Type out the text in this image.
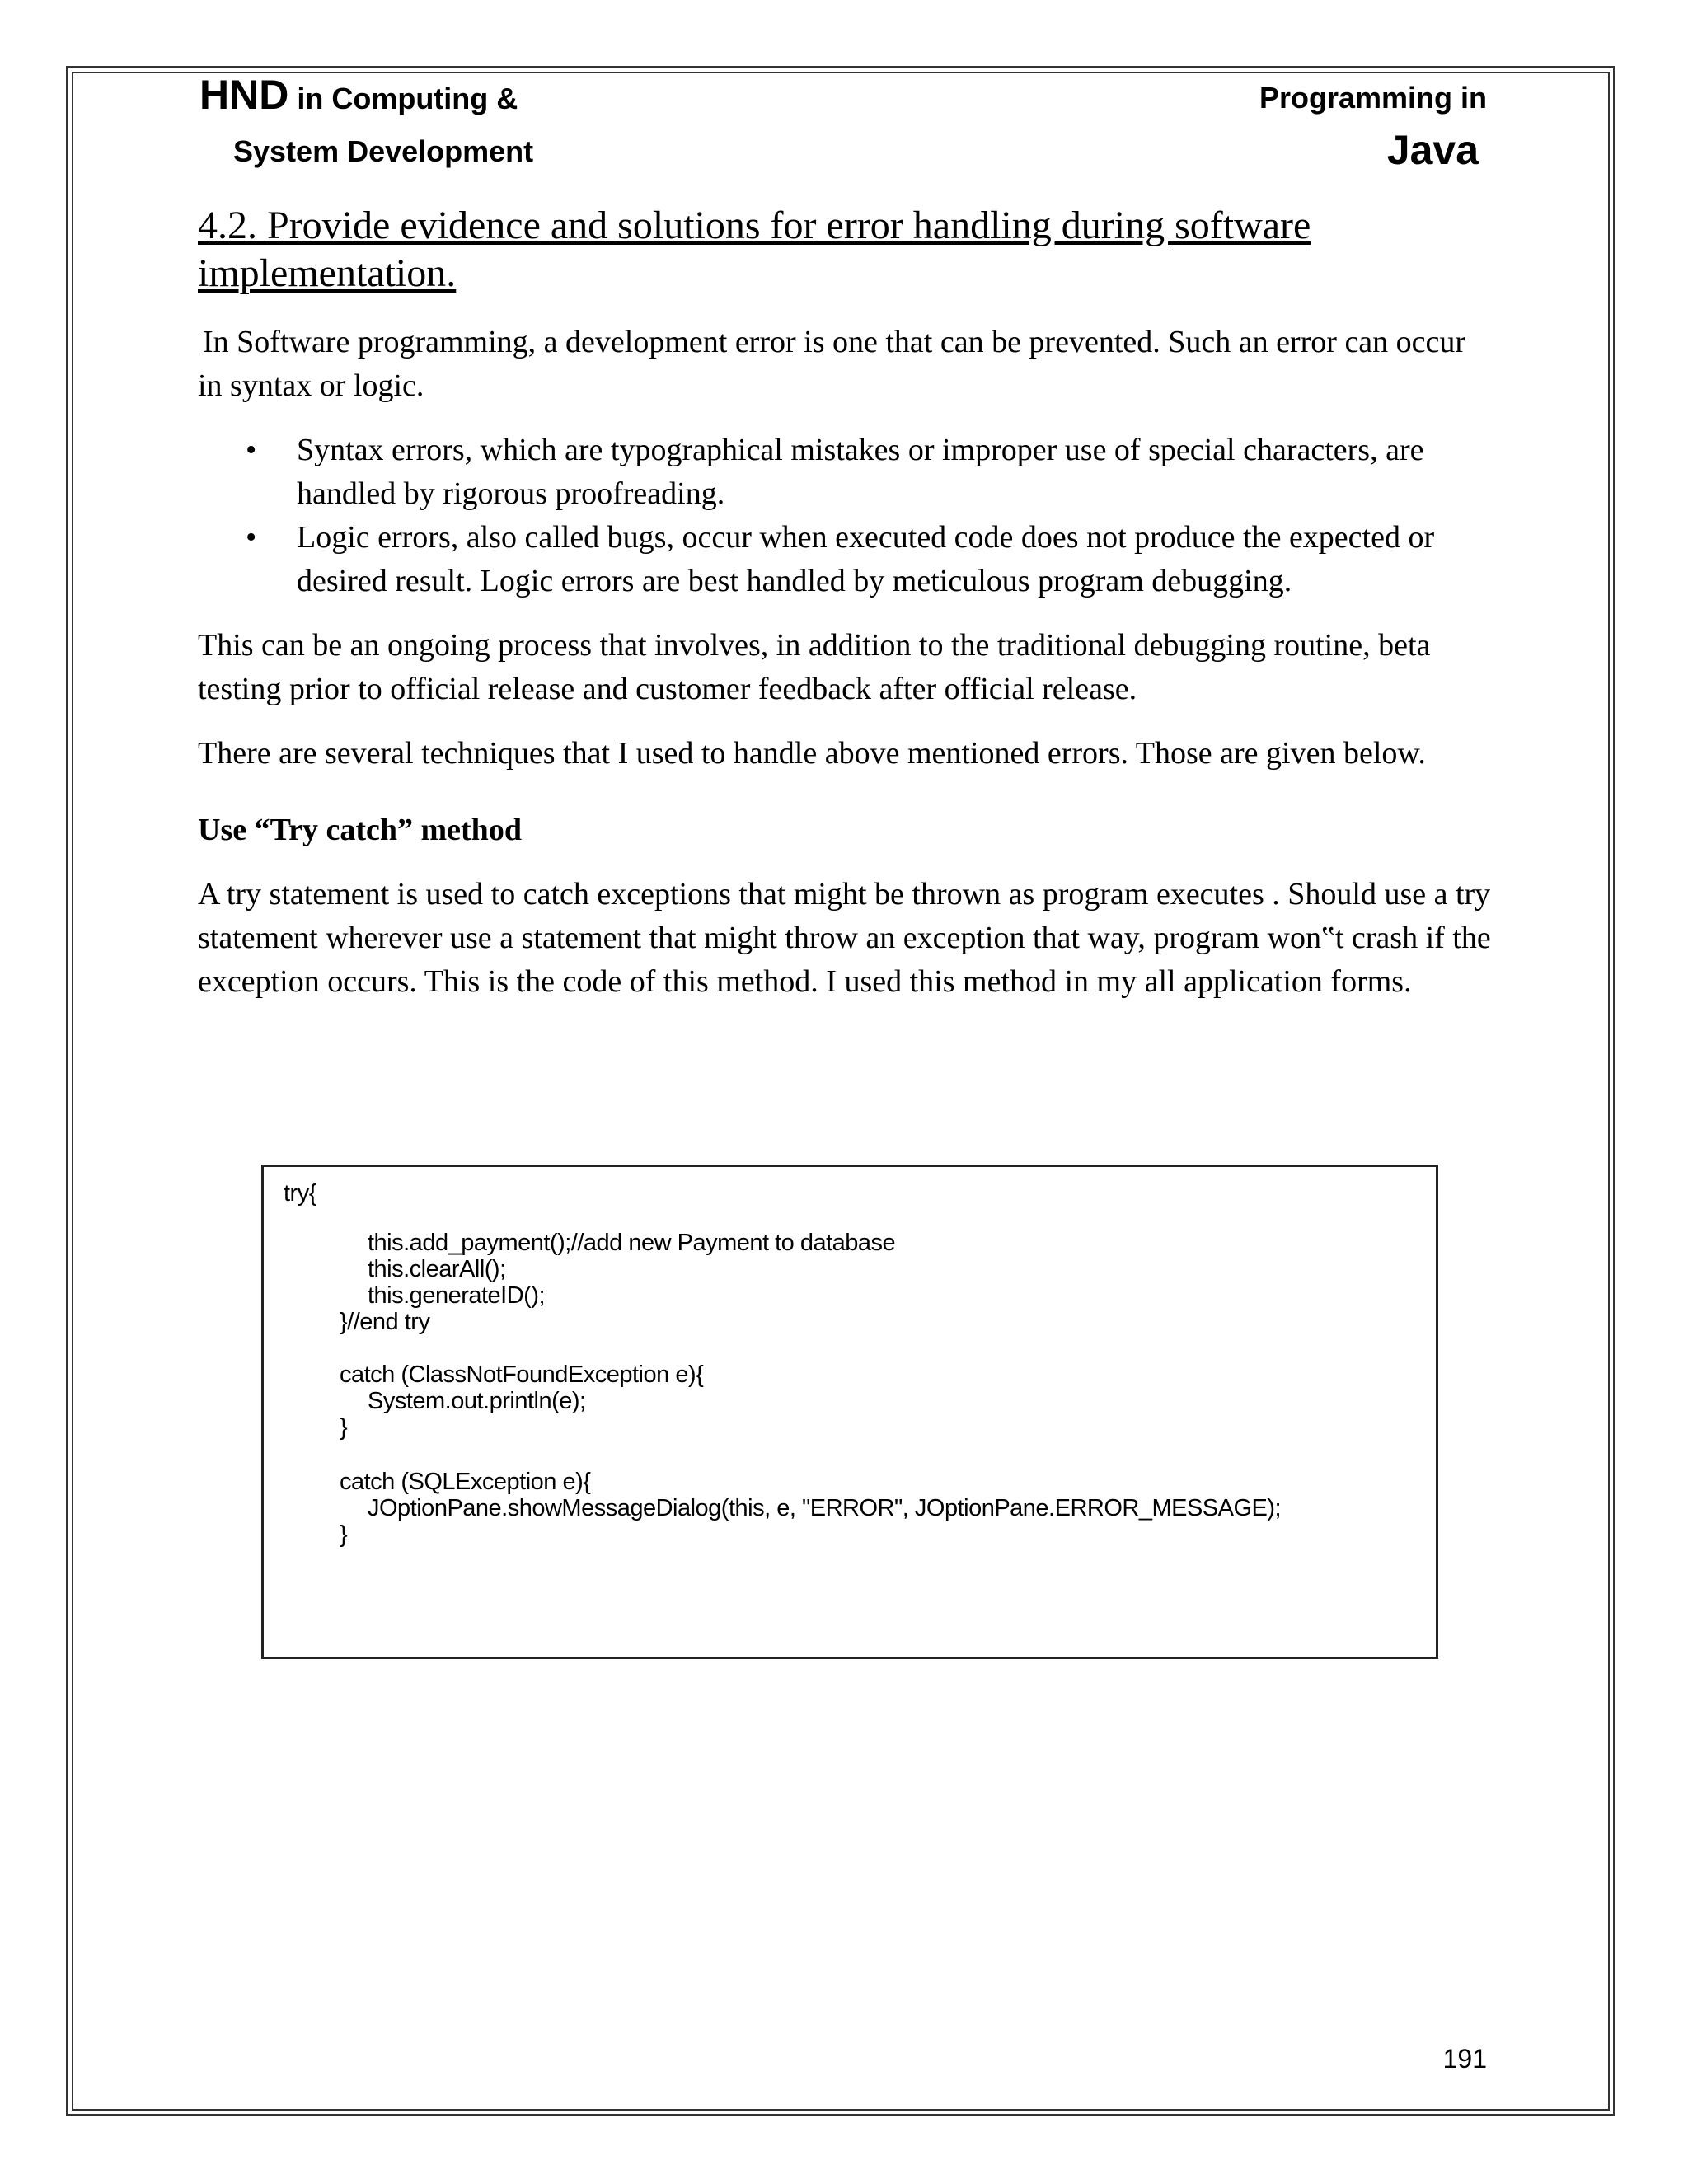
HND in Computing &
System Development
Programming in
Java
4.2. Provide evidence and solutions for error handling during software implementation.

In Software programming, a development error is one that can be prevented. Such an error can occur in syntax or logic.

• Syntax errors, which are typographical mistakes or improper use of special characters, are handled by rigorous proofreading.
• Logic errors, also called bugs, occur when executed code does not produce the expected or desired result. Logic errors are best handled by meticulous program debugging.

This can be an ongoing process that involves, in addition to the traditional debugging routine, beta testing prior to official release and customer feedback after official release.

There are several techniques that I used to handle above mentioned errors. Those are given below.

Use “Try catch” method

A try statement is used to catch exceptions that might be thrown as program executes . Should use a try statement wherever use a statement that might throw an exception that way, program won‟t crash if the exception occurs. This is the code of this method. I used this method in my all application forms.

try{
this.add_payment();//add new Payment to database
this.clearAll();
this.generateID();
}//end try
catch (ClassNotFoundException e){
System.out.println(e);
}
catch (SQLException e){
JOptionPane.showMessageDialog(this, e, "ERROR", JOptionPane.ERROR_MESSAGE);
}
191
